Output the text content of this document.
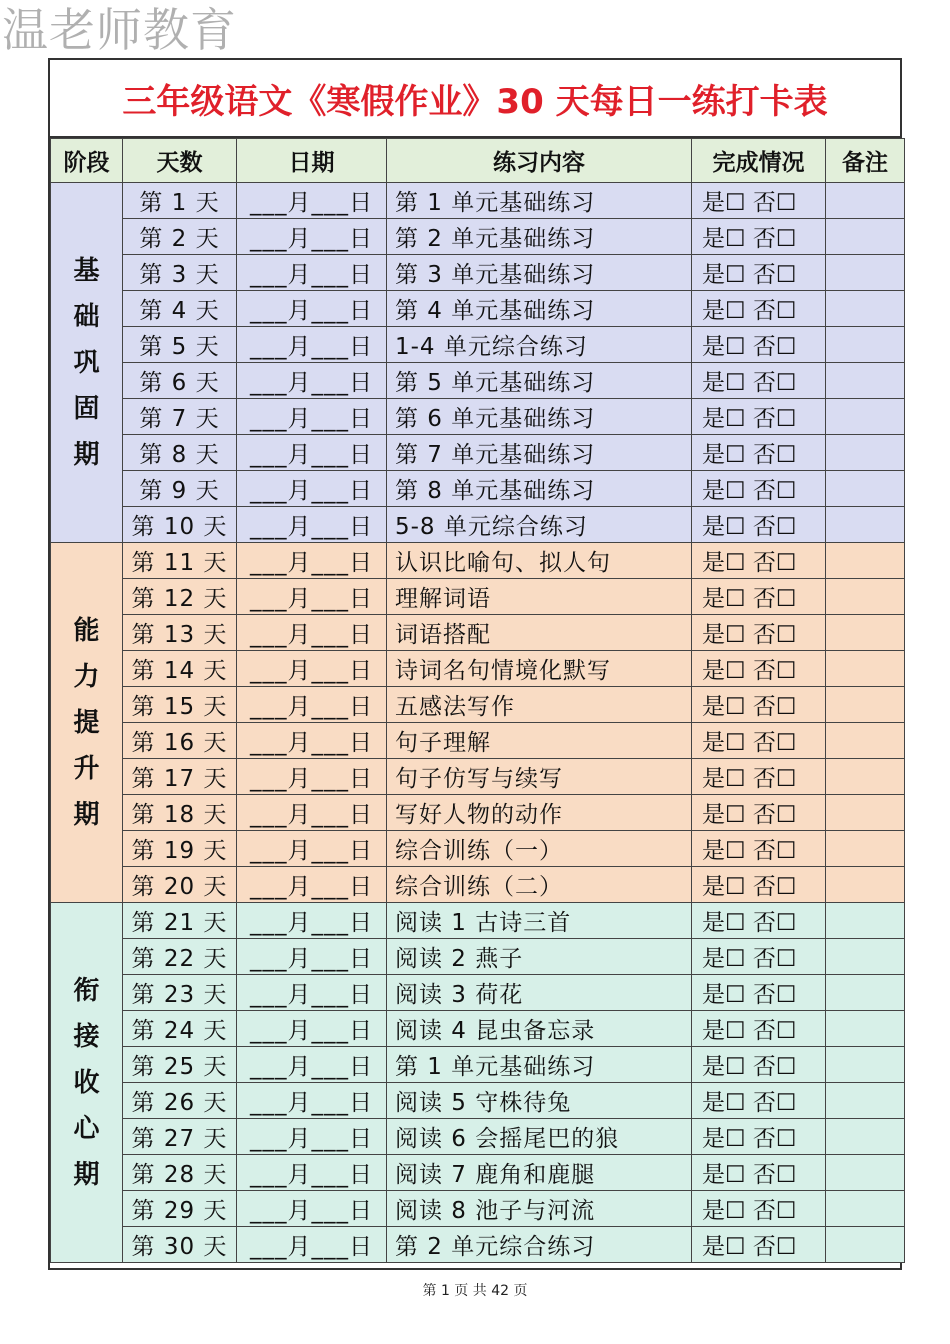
温老师教育
三年级语文《寒假作业》30 天每日一练打卡表
阶段	天数	日期	练习内容	完成情况	备注
基础巩固期	第 1 天	___月___日	第 1 单元基础练习	是☐ 否☐	
	第 2 天	___月___日	第 2 单元基础练习	是☐ 否☐	
	第 3 天	___月___日	第 3 单元基础练习	是☐ 否☐	
	第 4 天	___月___日	第 4 单元基础练习	是☐ 否☐	
	第 5 天	___月___日	1-4 单元综合练习	是☐ 否☐	
	第 6 天	___月___日	第 5 单元基础练习	是☐ 否☐	
	第 7 天	___月___日	第 6 单元基础练习	是☐ 否☐	
	第 8 天	___月___日	第 7 单元基础练习	是☐ 否☐	
	第 9 天	___月___日	第 8 单元基础练习	是☐ 否☐	
	第 10 天	___月___日	5-8 单元综合练习	是☐ 否☐	
能力提升期	第 11 天	___月___日	认识比喻句、拟人句	是☐ 否☐	
	第 12 天	___月___日	理解词语	是☐ 否☐	
	第 13 天	___月___日	词语搭配	是☐ 否☐	
	第 14 天	___月___日	诗词名句情境化默写	是☐ 否☐	
	第 15 天	___月___日	五感法写作	是☐ 否☐	
	第 16 天	___月___日	句子理解	是☐ 否☐	
	第 17 天	___月___日	句子仿写与续写	是☐ 否☐	
	第 18 天	___月___日	写好人物的动作	是☐ 否☐	
	第 19 天	___月___日	综合训练（一）	是☐ 否☐	
	第 20 天	___月___日	综合训练（二）	是☐ 否☐	
衔接收心期	第 21 天	___月___日	阅读 1 古诗三首	是☐ 否☐	
	第 22 天	___月___日	阅读 2 燕子	是☐ 否☐	
	第 23 天	___月___日	阅读 3 荷花	是☐ 否☐	
	第 24 天	___月___日	阅读 4 昆虫备忘录	是☐ 否☐	
	第 25 天	___月___日	第 1 单元基础练习	是☐ 否☐	
	第 26 天	___月___日	阅读 5 守株待兔	是☐ 否☐	
	第 27 天	___月___日	阅读 6 会摇尾巴的狼	是☐ 否☐	
	第 28 天	___月___日	阅读 7 鹿角和鹿腿	是☐ 否☐	
	第 29 天	___月___日	阅读 8 池子与河流	是☐ 否☐	
	第 30 天	___月___日	第 2 单元综合练习	是☐ 否☐	
第 1 页 共 42 页
